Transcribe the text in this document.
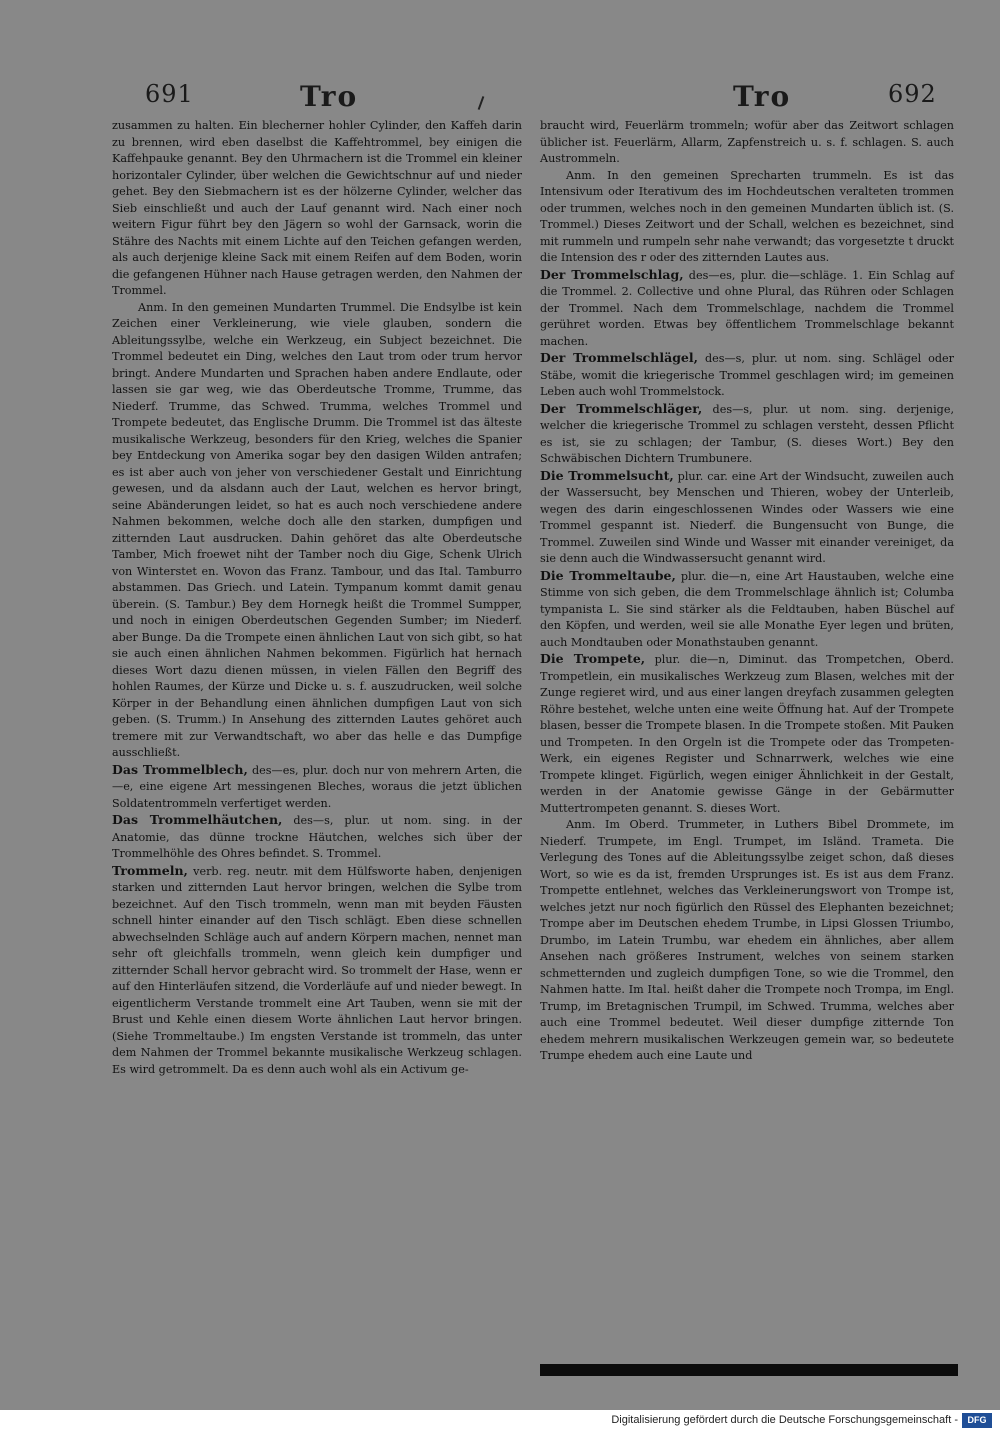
691	Tro	Tro	692

zusammen zu halten. Ein blecherner hohler Cylinder, den Kaffeh darin zu brennen, wird eben daselbst die Kaffehtrommel, bey einigen die Kaffehpauke genannt. Bey den Uhrmachern ist die Trommel ein kleiner horizontaler Cylinder, über welchen die Gewichtschnur auf und nieder gehet. Bey den Siebmachern ist es der hölzerne Cylinder, welcher das Sieb einschließt und auch der Lauf genannt wird. Nach einer noch weitern Figur führt bey den Jägern so wohl der Garnsack, worin die Stähre des Nachts mit einem Lichte auf den Teichen gefangen werden, als auch derjenige kleine Sack mit einem Reifen auf dem Boden, worin die gefangenen Hühner nach Hause getragen werden, den Nahmen der Trommel.

Anm. In den gemeinen Mundarten Trummel. Die Endsylbe ist kein Zeichen einer Verkleinerung, wie viele glauben, sondern die Ableitungssylbe, welche ein Werkzeug, ein Subject bezeichnet. Die Trommel bedeutet ein Ding, welches den Laut trom oder trum hervor bringt. Andere Mundarten und Sprachen haben andere Endlaute, oder lassen sie gar weg, wie das Oberdeutsche Tromme, Trumme, das Niederf. Trumme, das Schwed. Trumma, welches Trommel und Trompete bedeutet, das Englische Drumm. Die Trommel ist das älteste musikalische Werkzeug, besonders für den Krieg, welches die Spanier bey Entdeckung von Amerika sogar bey den dasigen Wilden antrafen; es ist aber auch von jeher von verschiedener Gestalt und Einrichtung gewesen, und da alsdann auch der Laut, welchen es hervor bringt, seine Abänderungen leidet, so hat es auch noch verschiedene andere Nahmen bekommen, welche doch alle den starken, dumpfigen und zitternden Laut ausdrucken. Dahin gehöret das alte Oberdeutsche Tamber, Mich froewet niht der Tamber noch diu Gige, Schenk Ulrich von Winterstet en. Wovon das Franz. Tambour, und das Ital. Tamburro abstammen. Das Griech. und Latein. Tympanum kommt damit genau überein. (S. Tambur.) Bey dem Hornegk heißt die Trommel Sumpper, und noch in einigen Oberdeutschen Gegenden Sumber; im Niederf. aber Bunge. Da die Trompete einen ähnlichen Laut von sich gibt, so hat sie auch einen ähnlichen Nahmen bekommen. Figürlich hat hernach dieses Wort dazu dienen müssen, in vielen Fällen den Begriff des hohlen Raumes, der Kürze und Dicke u. s. f. auszudrucken, weil solche Körper in der Behandlung einen ähnlichen dumpfigen Laut von sich geben. (S. Trumm.) In Ansehung des zitternden Lautes gehöret auch tremere mit zur Verwandtschaft, wo aber das helle e das Dumpfige ausschließt.

Das Trommelblech, des—es, plur. doch nur von mehrern Arten, die—e, eine eigene Art messingenen Bleches, woraus die jetzt üblichen Soldatentrommeln verfertiget werden.

Das Trommelhäutchen, des—s, plur. ut nom. sing. in der Anatomie, das dünne trockne Häutchen, welches sich über der Trommelhöhle des Ohres befindet. S. Trommel.

Trommeln, verb. reg. neutr. mit dem Hülfsworte haben, denjenigen starken und zitternden Laut hervor bringen, welchen die Sylbe trom bezeichnet. Auf den Tisch trommeln, wenn man mit beyden Fäusten schnell hinter einander auf den Tisch schlägt. Eben diese schnellen abwechselnden Schläge auch auf andern Körpern machen, nennet man sehr oft gleichfalls trommeln, wenn gleich kein dumpfiger und zitternder Schall hervor gebracht wird. So trommelt der Hase, wenn er auf den Hinterläufen sitzend, die Vorderläufe auf und nieder bewegt. In eigentlicherm Verstande trommelt eine Art Tauben, wenn sie mit der Brust und Kehle einen diesem Worte ähnlichen Laut hervor bringen. (Siehe Trommeltaube.) Im engsten Verstande ist trommeln, das unter dem Nahmen der Trommel bekannte musikalische Werkzeug schlagen. Es wird getrommelt. Da es denn auch wohl als ein Activum ge-

braucht wird, Feuerlärm trommeln; wofür aber das Zeitwort schlagen üblicher ist. Feuerlärm, Allarm, Zapfenstreich u. s. f. schlagen. S. auch Austrommeln.

Anm. In den gemeinen Sprecharten trummeln. Es ist das Intensivum oder Iterativum des im Hochdeutschen veralteten trommen oder trummen, welches noch in den gemeinen Mundarten üblich ist. (S. Trommel.) Dieses Zeitwort und der Schall, welchen es bezeichnet, sind mit rummeln und rumpeln sehr nahe verwandt; das vorgesetzte t druckt die Intension des r oder des zitternden Lautes aus.

Der Trommelschlag, des—es, plur. die—schläge. 1. Ein Schlag auf die Trommel. 2. Collective und ohne Plural, das Rühren oder Schlagen der Trommel. Nach dem Trommelschlage, nachdem die Trommel gerühret worden. Etwas bey öffentlichem Trommelschlage bekannt machen.

Der Trommelschlägel, des—s, plur. ut nom. sing. Schlägel oder Stäbe, womit die kriegerische Trommel geschlagen wird; im gemeinen Leben auch wohl Trommelstock.

Der Trommelschläger, des—s, plur. ut nom. sing. derjenige, welcher die kriegerische Trommel zu schlagen versteht, dessen Pflicht es ist, sie zu schlagen; der Tambur, (S. dieses Wort.) Bey den Schwäbischen Dichtern Trumbunere.

Die Trommelsucht, plur. car. eine Art der Windsucht, zuweilen auch der Wassersucht, bey Menschen und Thieren, wobey der Unterleib, wegen des darin eingeschlossenen Windes oder Wassers wie eine Trommel gespannt ist. Niederf. die Bungensucht von Bunge, die Trommel. Zuweilen sind Winde und Wasser mit einander vereiniget, da sie denn auch die Windwassersucht genannt wird.

Die Trommeltaube, plur. die—n, eine Art Haustauben, welche eine Stimme von sich geben, die dem Trommelschlage ähnlich ist; Columba tympanista L. Sie sind stärker als die Feldtauben, haben Büschel auf den Köpfen, und werden, weil sie alle Monathe Eyer legen und brüten, auch Mondtauben oder Monathstauben genannt.

Die Trompete, plur. die—n, Diminut. das Trompetchen, Oberd. Trompetlein, ein musikalisches Werkzeug zum Blasen, welches mit der Zunge regieret wird, und aus einer langen dreyfach zusammen gelegten Röhre bestehet, welche unten eine weite Öffnung hat. Auf der Trompete blasen, besser die Trompete blasen. In die Trompete stoßen. Mit Pauken und Trompeten. In den Orgeln ist die Trompete oder das Trompeten-Werk, ein eigenes Register und Schnarrwerk, welches wie eine Trompete klinget. Figürlich, wegen einiger Ähnlichkeit in der Gestalt, werden in der Anatomie gewisse Gänge in der Gebärmutter Muttertrompeten genannt. S. dieses Wort.

Anm. Im Oberd. Trummeter, in Luthers Bibel Drommete, im Niederf. Trumpete, im Engl. Trumpet, im Isländ. Trameta. Die Verlegung des Tones auf die Ableitungssylbe zeiget schon, daß dieses Wort, so wie es da ist, fremden Ursprunges ist. Es ist aus dem Franz. Trompette entlehnet, welches das Verkleinerungswort von Trompe ist, welches jetzt nur noch figürlich den Rüssel des Elephanten bezeichnet; Trompe aber im Deutschen ehedem Trumbe, in Lipsi Glossen Triumbo, Drumbo, im Latein Trumbu, war ehedem ein ähnliches, aber allem Ansehen nach größeres Instrument, welches von seinem starken schmetternden und zugleich dumpfigen Tone, so wie die Trommel, den Nahmen hatte. Im Ital. heißt daher die Trompete noch Trompa, im Engl. Trump, im Bretagnischen Trumpil, im Schwed. Trumma, welches aber auch eine Trommel bedeutet. Weil dieser dumpfige zitternde Ton ehedem mehrern musikalischen Werkzeugen gemein war, so bedeutete Trumpe ehedem auch eine Laute und

Digitalisierung gefördert durch die Deutsche Forschungsgemeinschaft -	DFG
